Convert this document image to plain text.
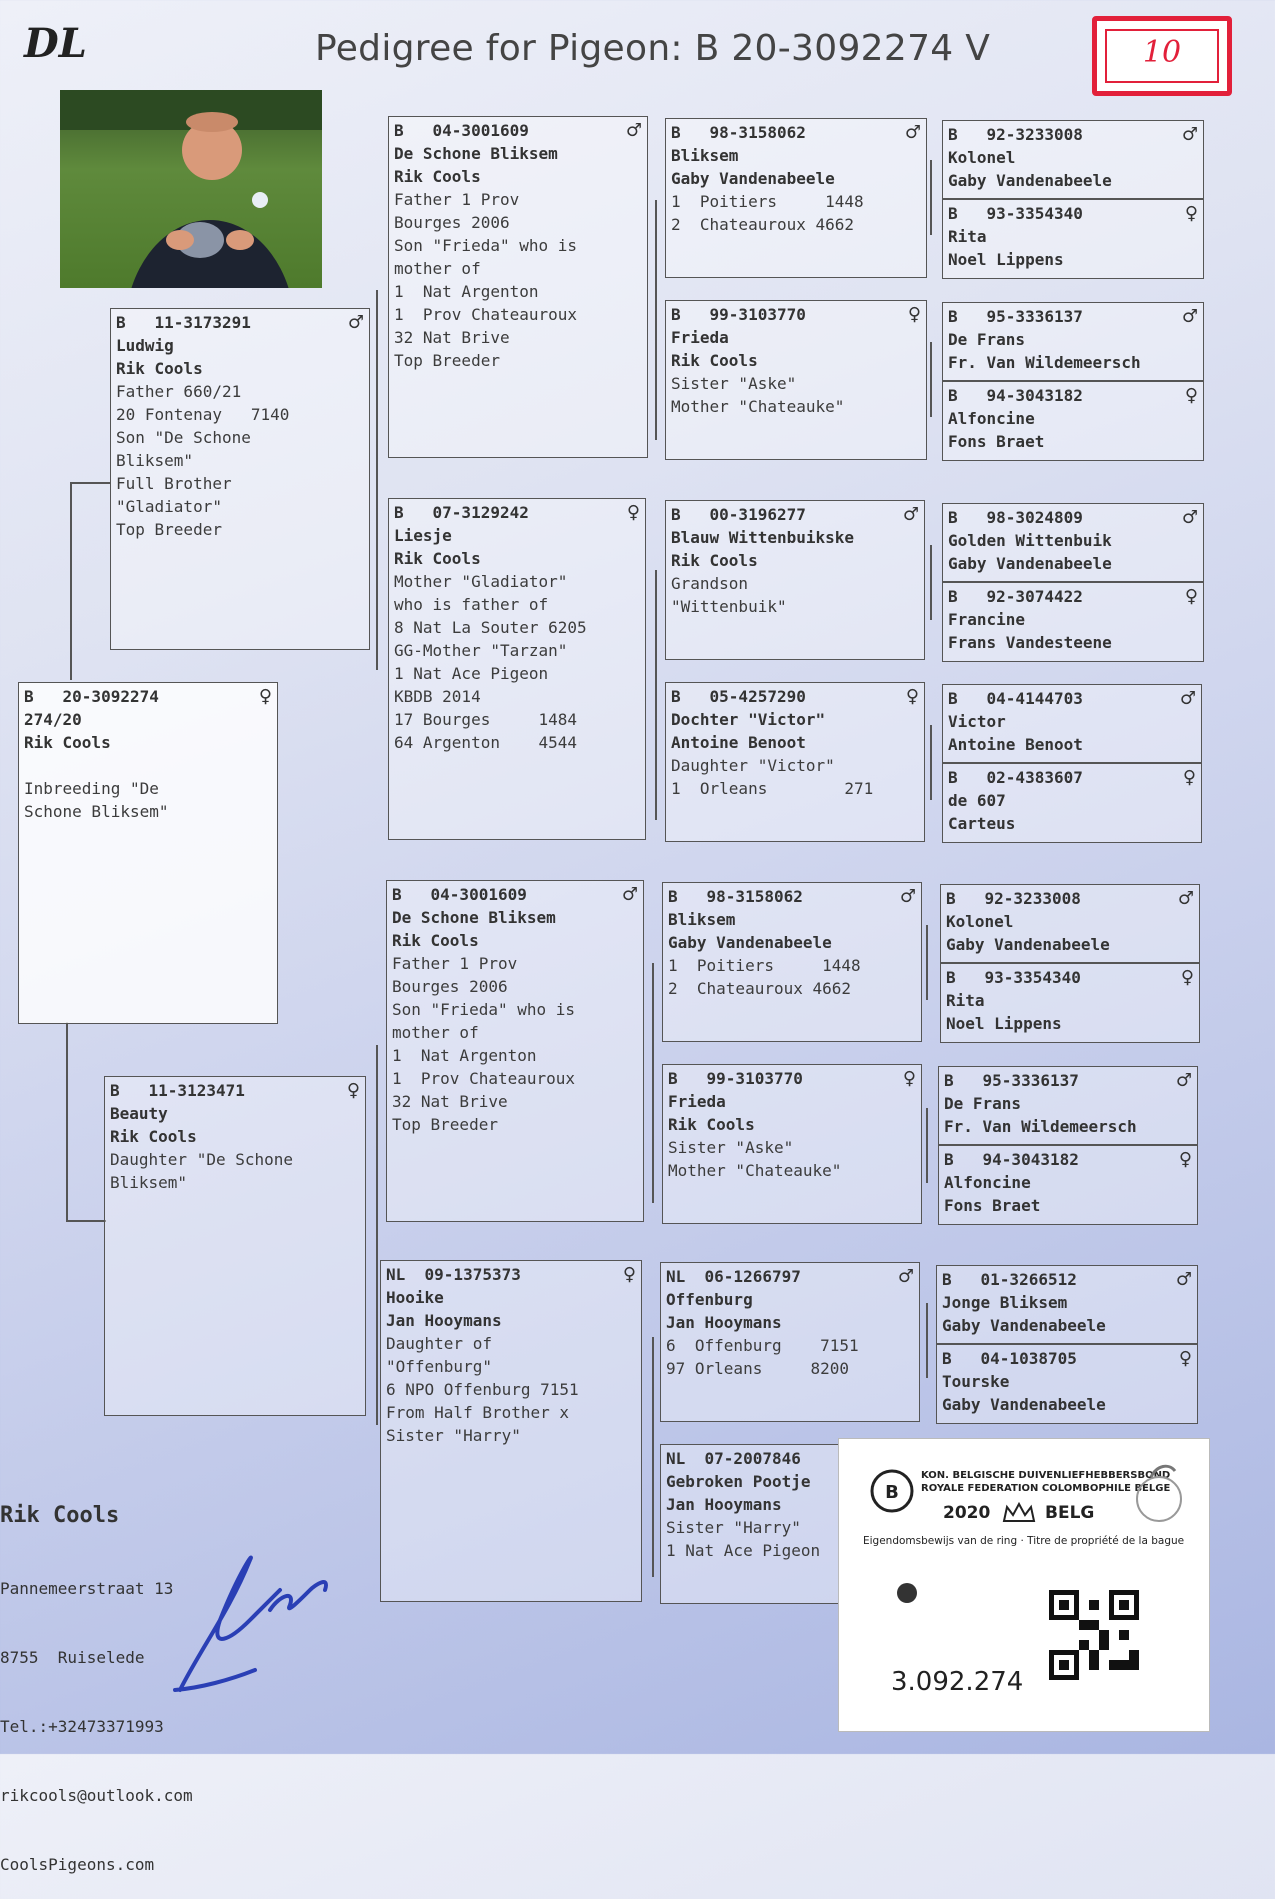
DL	Pedigree for Pigeon: B 20-3092274 V	10
B   20-3092274	♀
274/20
Rik Cools
Inbreeding "De
Schone Bliksem"
B   11-3173291	♂
Ludwig
Rik Cools
Father 660/21
20 Fontenay   7140
Son "De Schone
Bliksem"
Full Brother
"Gladiator"
Top Breeder
B   11-3123471	♀
Beauty
Rik Cools
Daughter "De Schone
Bliksem"
B   04-3001609	♂
De Schone Bliksem
Rik Cools
Father 1 Prov
Bourges 2006
Son "Frieda" who is
mother of
1  Nat Argenton
1  Prov Chateauroux
32 Nat Brive
Top Breeder
B   07-3129242	♀
Liesje
Rik Cools
Mother "Gladiator"
who is father of
8 Nat La Souter 6205
GG-Mother "Tarzan"
1 Nat Ace Pigeon
KBDB 2014
17 Bourges     1484
64 Argenton    4544
B   04-3001609	♂
De Schone Bliksem
Rik Cools
Father 1 Prov
Bourges 2006
Son "Frieda" who is
mother of
1  Nat Argenton
1  Prov Chateauroux
32 Nat Brive
Top Breeder
NL  09-1375373	♀
Hooike
Jan Hooymans
Daughter of
"Offenburg"
6 NPO Offenburg 7151
From Half Brother x
Sister "Harry"
B   98-3158062	♂
Bliksem
Gaby Vandenabeele
1  Poitiers     1448
2  Chateauroux 4662
B   99-3103770	♀
Frieda
Rik Cools
Sister "Aske"
Mother "Chateauke"
B   00-3196277	♂
Blauw Wittenbuikske
Rik Cools
Grandson
"Wittenbuik"
B   05-4257290	♀
Dochter "Victor"
Antoine Benoot
Daughter "Victor"
1  Orleans        271
B   98-3158062	♂
Bliksem
Gaby Vandenabeele
1  Poitiers     1448
2  Chateauroux 4662
B   99-3103770	♀
Frieda
Rik Cools
Sister "Aske"
Mother "Chateauke"
NL  06-1266797	♂
Offenburg
Jan Hooymans
6  Offenburg    7151
97 Orleans     8200
NL  07-2007846
Gebroken Pootje
Jan Hooymans
Sister "Harry"
1 Nat Ace Pigeon
B   92-3233008	♂
Kolonel
Gaby Vandenabeele
B   93-3354340	♀
Rita
Noel Lippens
B   95-3336137	♂
De Frans
Fr. Van Wildemeersch
B   94-3043182	♀
Alfoncine
Fons Braet
B   98-3024809	♂
Golden Wittenbuik
Gaby Vandenabeele
B   92-3074422	♀
Francine
Frans Vandesteene
B   04-4144703	♂
Victor
Antoine Benoot
B   02-4383607	♀
de 607
Carteus
B   92-3233008	♂
Kolonel
Gaby Vandenabeele
B   93-3354340	♀
Rita
Noel Lippens
B   95-3336137	♂
De Frans
Fr. Van Wildemeersch
B   94-3043182	♀
Alfoncine
Fons Braet
B   01-3266512	♂
Jonge Bliksem
Gaby Vandenabeele
B   04-1038705	♀
Tourske
Gaby Vandenabeele

Rik Cools

Pannemeerstraat 13

8755  Ruiselede

Tel.:+32473371993

rikcools@outlook.com

CoolsPigeons.com

B
KON. BELGISCHE DUIVENLIEFHEBBERSBOND
ROYALE FEDERATION COLOMBOPHILE BELGE
2020	BELG
Eigendomsbewijs van de ring · Titre de propriété de la bague
3.092.274
